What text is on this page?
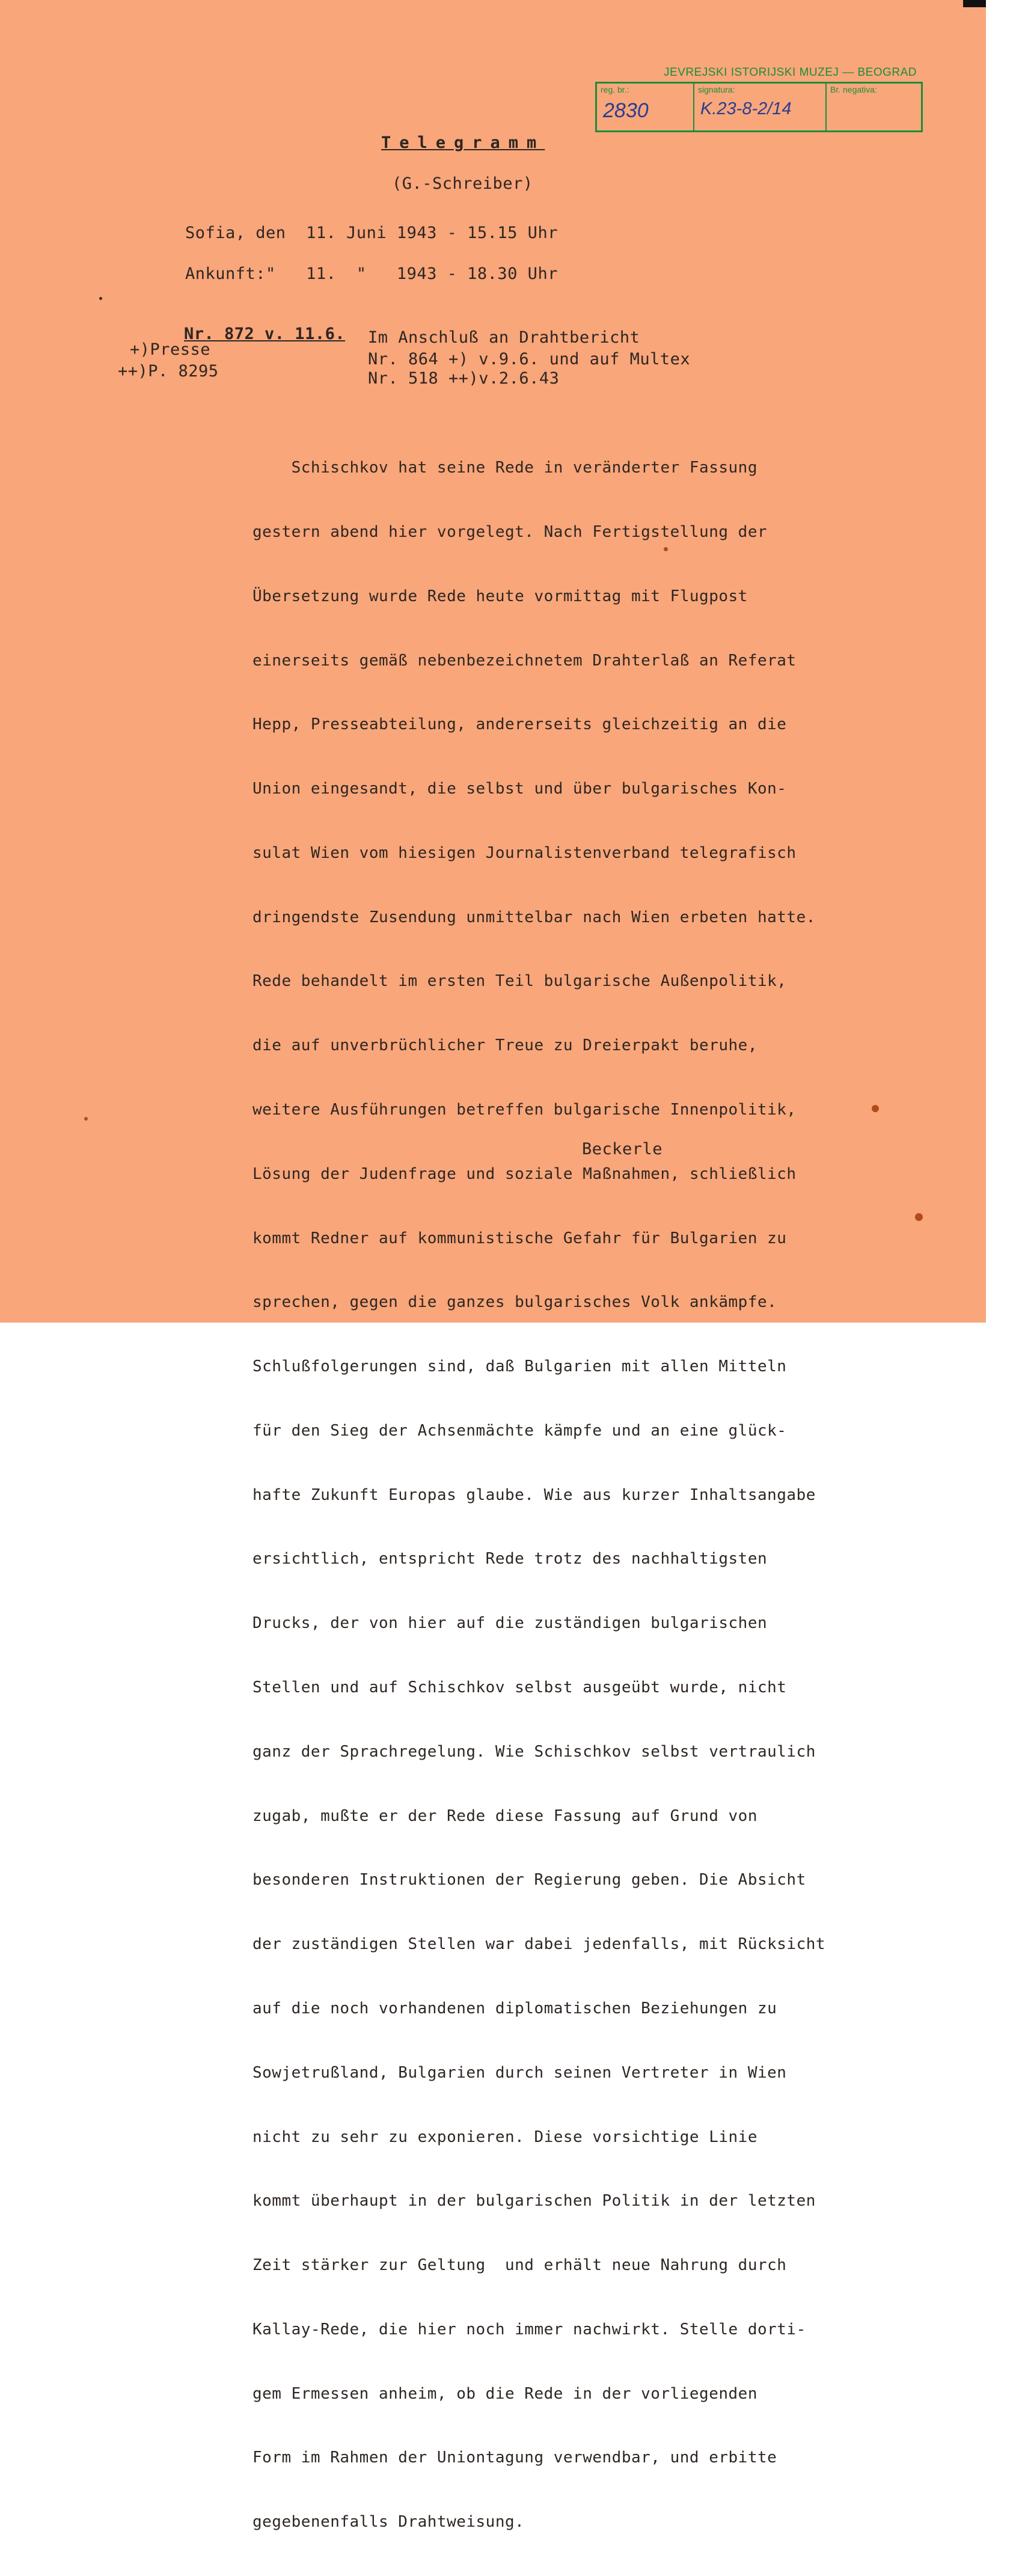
JEVREJSKI ISTORIJSKI MUZEJ — BEOGRAD
reg. br.:
2830
signatura:
K.23-8-2/14
Br. negativa:
Telegramm
(G.-Schreiber)
Sofia, den  11. Juni 1943 - 15.15 Uhr
Ankunft:"   11.  "   1943 - 18.30 Uhr
Nr. 872 v. 11.6.
+)Presse
++)P. 8295
Im Anschluß an Drahtbericht
Nr. 864 +) v.9.6. und auf Multex
Nr. 518 ++)v.2.6.43

Schischkov hat seine Rede in veränderter Fassung

gestern abend hier vorgelegt. Nach Fertigstellung der

Übersetzung wurde Rede heute vormittag mit Flugpost

einerseits gemäß nebenbezeichnetem Drahterlaß an Referat

Hepp, Presseabteilung, andererseits gleichzeitig an die

Union eingesandt, die selbst und über bulgarisches Kon-

sulat Wien vom hiesigen Journalistenverband telegrafisch

dringendste Zusendung unmittelbar nach Wien erbeten hatte.

Rede behandelt im ersten Teil bulgarische Außenpolitik,

die auf unverbrüchlicher Treue zu Dreierpakt beruhe,

weitere Ausführungen betreffen bulgarische Innenpolitik,

Lösung der Judenfrage und soziale Maßnahmen, schließlich

kommt Redner auf kommunistische Gefahr für Bulgarien zu

sprechen, gegen die ganzes bulgarisches Volk ankämpfe.

Schlußfolgerungen sind, daß Bulgarien mit allen Mitteln

für den Sieg der Achsenmächte kämpfe und an eine glück-

hafte Zukunft Europas glaube. Wie aus kurzer Inhaltsangabe

ersichtlich, entspricht Rede trotz des nachhaltigsten

Drucks, der von hier auf die zuständigen bulgarischen

Stellen und auf Schischkov selbst ausgeübt wurde, nicht

ganz der Sprachregelung. Wie Schischkov selbst vertraulich

zugab, mußte er der Rede diese Fassung auf Grund von

besonderen Instruktionen der Regierung geben. Die Absicht

der zuständigen Stellen war dabei jedenfalls, mit Rücksicht

auf die noch vorhandenen diplomatischen Beziehungen zu

Sowjetrußland, Bulgarien durch seinen Vertreter in Wien

nicht zu sehr zu exponieren. Diese vorsichtige Linie

kommt überhaupt in der bulgarischen Politik in der letzten

Zeit stärker zur Geltung  und erhält neue Nahrung durch

Kallay-Rede, die hier noch immer nachwirkt. Stelle dorti-

gem Ermessen anheim, ob die Rede in der vorliegenden

Form im Rahmen der Uniontagung verwendbar, und erbitte

gegebenenfalls Drahtweisung.

Beckerle
